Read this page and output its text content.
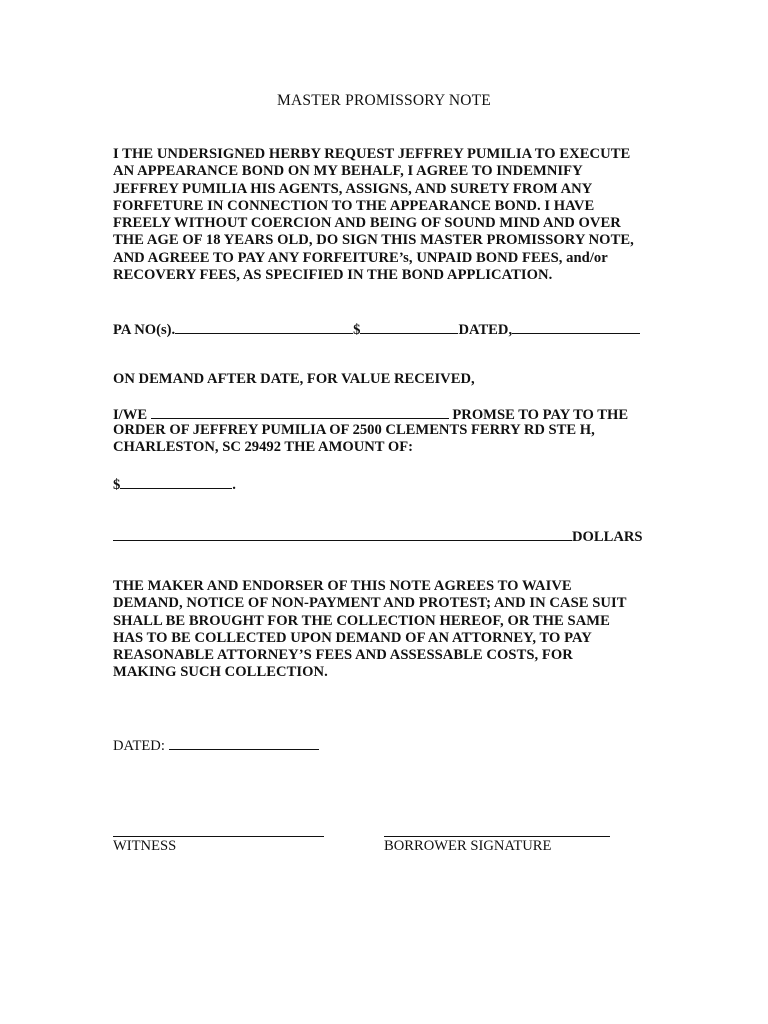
MASTER PROMISSORY NOTE
I THE UNDERSIGNED HERBY REQUEST JEFFREY PUMILIA TO EXECUTE
AN APPEARANCE BOND ON MY BEHALF, I AGREE TO INDEMNIFY
JEFFREY PUMILIA HIS AGENTS, ASSIGNS, AND SURETY FROM ANY
FORFETURE IN CONNECTION TO THE APPEARANCE BOND. I HAVE
FREELY WITHOUT COERCION AND BEING OF SOUND MIND AND OVER
THE AGE OF 18 YEARS OLD, DO SIGN THIS MASTER PROMISSORY NOTE,
AND AGREEE TO PAY ANY FORFEITURE’s, UNPAID BOND FEES, and/or
RECOVERY FEES, AS SPECIFIED IN THE BOND APPLICATION.
PA NO(s).	$	DATED,
ON DEMAND AFTER DATE, FOR VALUE RECEIVED,
I/WE	PROMSE TO PAY TO THE
ORDER OF JEFFREY PUMILIA OF 2500 CLEMENTS FERRY RD STE H,
CHARLESTON, SC 29492 THE AMOUNT OF:
$	.
DOLLARS
THE MAKER AND ENDORSER OF THIS NOTE AGREES TO WAIVE
DEMAND, NOTICE OF NON-PAYMENT AND PROTEST; AND IN CASE SUIT
SHALL BE BROUGHT FOR THE COLLECTION HEREOF, OR THE SAME
HAS TO BE COLLECTED UPON DEMAND OF AN ATTORNEY, TO PAY
REASONABLE ATTORNEY’S FEES AND ASSESSABLE COSTS, FOR
MAKING SUCH COLLECTION.
DATED:
WITNESS	BORROWER SIGNATURE
